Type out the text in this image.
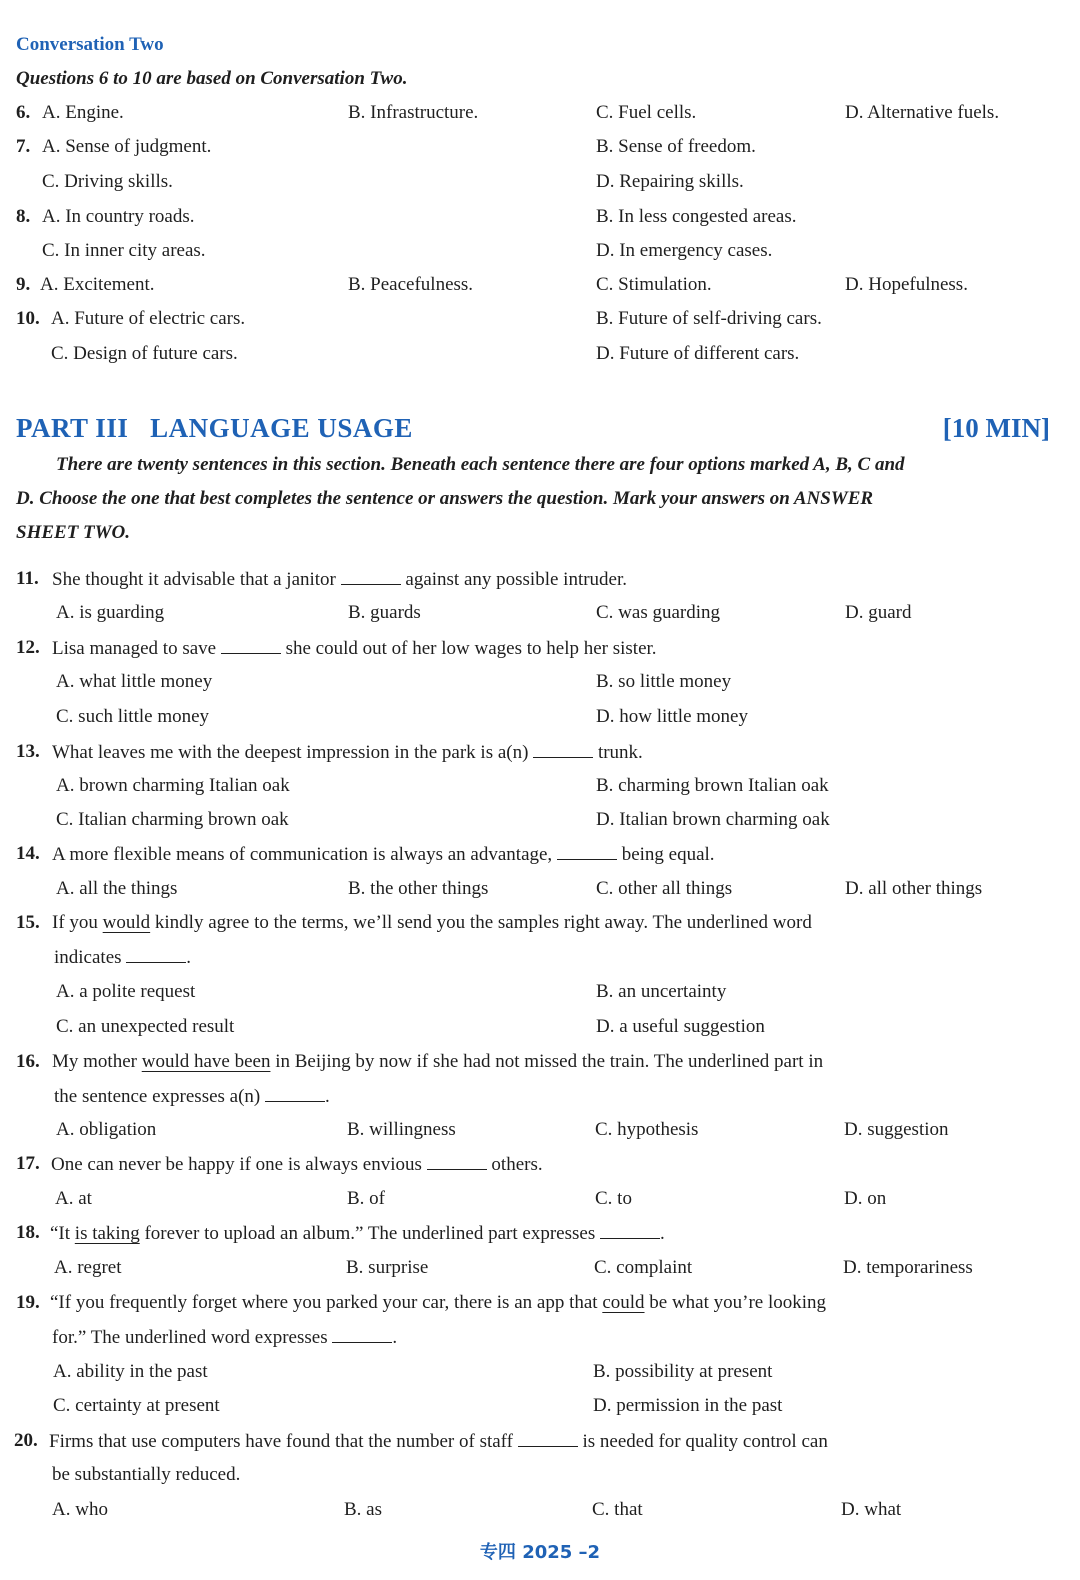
Conversation Two
Questions 6 to 10 are based on Conversation Two.
6. A. Engine.	B. Infrastructure.	C. Fuel cells.	D. Alternative fuels.
7. A. Sense of judgment.	B. Sense of freedom.
C. Driving skills.	D. Repairing skills.
8. A. In country roads.	B. In less congested areas.
C. In inner city areas.	D. In emergency cases.
9. A. Excitement.	B. Peacefulness.	C. Stimulation.	D. Hopefulness.
10. A. Future of electric cars.	B. Future of self-driving cars.
C. Design of future cars.	D. Future of different cars.
PART III   LANGUAGE USAGE	[10 MIN]
There are twenty sentences in this section. Beneath each sentence there are four options marked A, B, C and
D. Choose the one that best completes the sentence or answers the question. Mark your answers on ANSWER
SHEET TWO.
11. She thought it advisable that a janitor	against any possible intruder.
A. is guarding	B. guards	C. was guarding	D. guard
12. Lisa managed to save	she could out of her low wages to help her sister.
A. what little money	B. so little money
C. such little money	D. how little money
13. What leaves me with the deepest impression in the park is a(n)	trunk.
A. brown charming Italian oak	B. charming brown Italian oak
C. Italian charming brown oak	D. Italian brown charming oak
14. A more flexible means of communication is always an advantage,	being equal.
A. all the things	B. the other things	C. other all things	D. all other things
15. If you would kindly agree to the terms, we’ll send you the samples right away. The underlined word
indicates	.
A. a polite request	B. an uncertainty
C. an unexpected result	D. a useful suggestion
16. My mother would have been in Beijing by now if she had not missed the train. The underlined part in
the sentence expresses a(n)	.
A. obligation	B. willingness	C. hypothesis	D. suggestion
17. One can never be happy if one is always envious	others.
A. at	B. of	C. to	D. on
18. “It is taking forever to upload an album.” The underlined part expresses	.
A. regret	B. surprise	C. complaint	D. temporariness
19. “If you frequently forget where you parked your car, there is an app that could be what you’re looking
for.” The underlined word expresses	.
A. ability in the past	B. possibility at present
C. certainty at present	D. permission in the past
20. Firms that use computers have found that the number of staff	is needed for quality control can
be substantially reduced.
A. who	B. as	C. that	D. what
专四 2025 –2
